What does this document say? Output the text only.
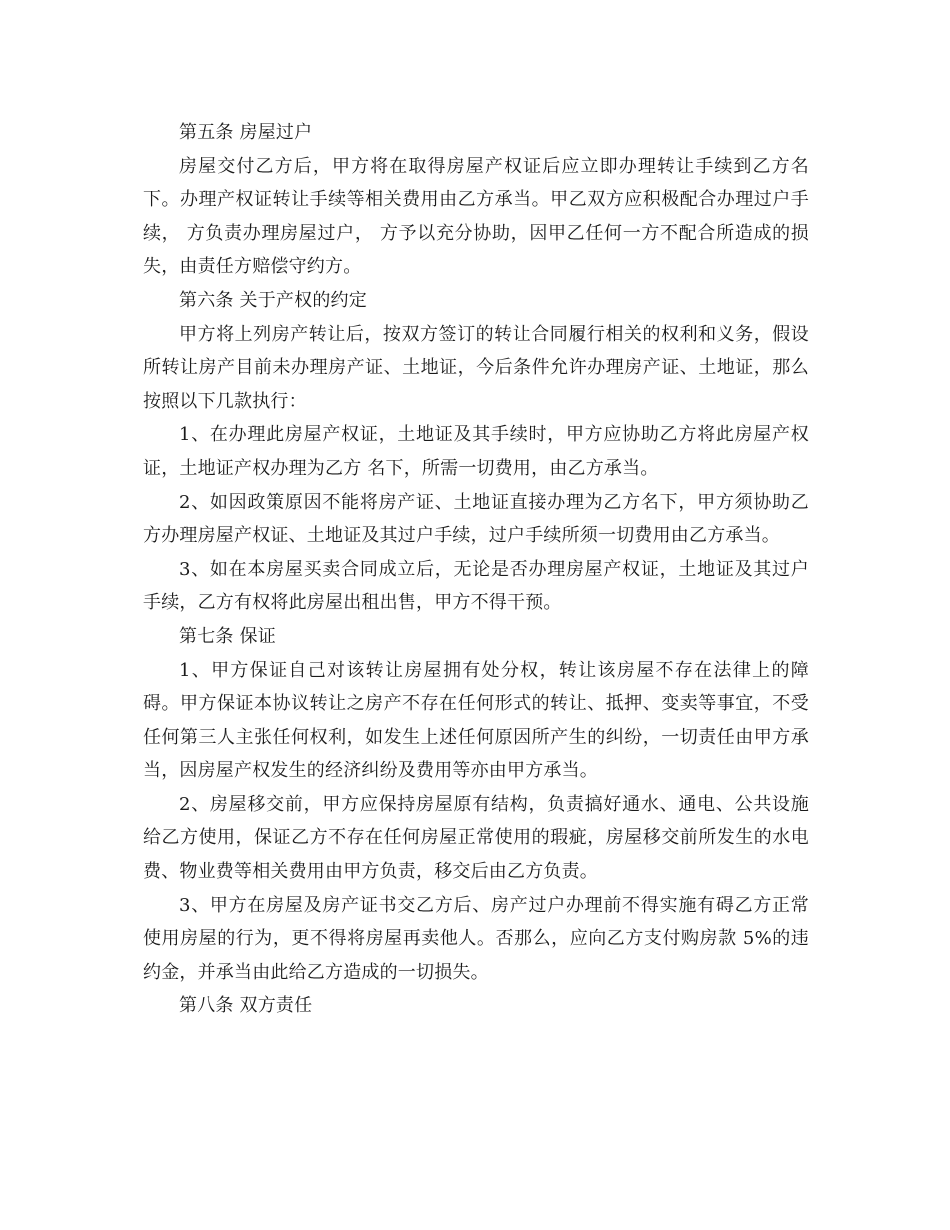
第五条 房屋过户

房屋交付乙方后，甲方将在取得房屋产权证后应立即办理转让手续到乙方名下。办理产权证转让手续等相关费用由乙方承当。甲乙双方应积极配合办理过户手续， 方负责办理房屋过户， 方予以充分协助，因甲乙任何一方不配合所造成的损失，由责任方赔偿守约方。

第六条 关于产权的约定

甲方将上列房产转让后，按双方签订的转让合同履行相关的权利和义务，假设所转让房产目前未办理房产证、土地证，今后条件允许办理房产证、土地证，那么按照以下几款执行：

1、在办理此房屋产权证，土地证及其手续时，甲方应协助乙方将此房屋产权证，土地证产权办理为乙方 名下，所需一切费用，由乙方承当。

2、如因政策原因不能将房产证、土地证直接办理为乙方名下，甲方须协助乙方办理房屋产权证、土地证及其过户手续，过户手续所须一切费用由乙方承当。

3、如在本房屋买卖合同成立后，无论是否办理房屋产权证，土地证及其过户手续，乙方有权将此房屋出租出售，甲方不得干预。

第七条 保证

1、甲方保证自己对该转让房屋拥有处分权，转让该房屋不存在法律上的障碍。甲方保证本协议转让之房产不存在任何形式的转让、抵押、变卖等事宜，不受任何第三人主张任何权利，如发生上述任何原因所产生的纠纷，一切责任由甲方承当，因房屋产权发生的经济纠纷及费用等亦由甲方承当。

2、房屋移交前，甲方应保持房屋原有结构，负责搞好通水、通电、公共设施给乙方使用，保证乙方不存在任何房屋正常使用的瑕疵，房屋移交前所发生的水电费、物业费等相关费用由甲方负责，移交后由乙方负责。

3、甲方在房屋及房产证书交乙方后、房产过户办理前不得实施有碍乙方正常使用房屋的行为，更不得将房屋再卖他人。否那么，应向乙方支付购房款 5%的违约金，并承当由此给乙方造成的一切损失。

第八条 双方责任
